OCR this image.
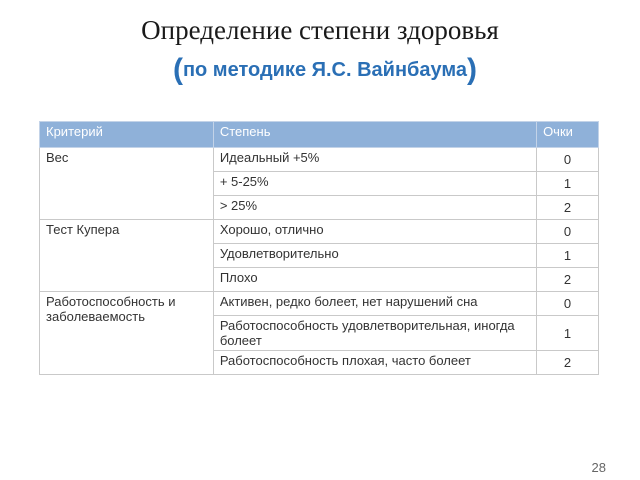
Определение степени здоровья
(по методике Я.С. Вайнбаума)
Критерий	Степень	Очки
Вес	Идеальный +5%	0
	+ 5-25%	1
	> 25%	2
Тест Купера	Хорошо, отлично	0
	Удовлетворительно	1
	Плохо	2
Работоспособность и заболеваемость	Активен, редко болеет, нет нарушений сна	0
	Работоспособность удовлетворительная, иногда болеет	1
	Работоспособность плохая, часто болеет	2
28
